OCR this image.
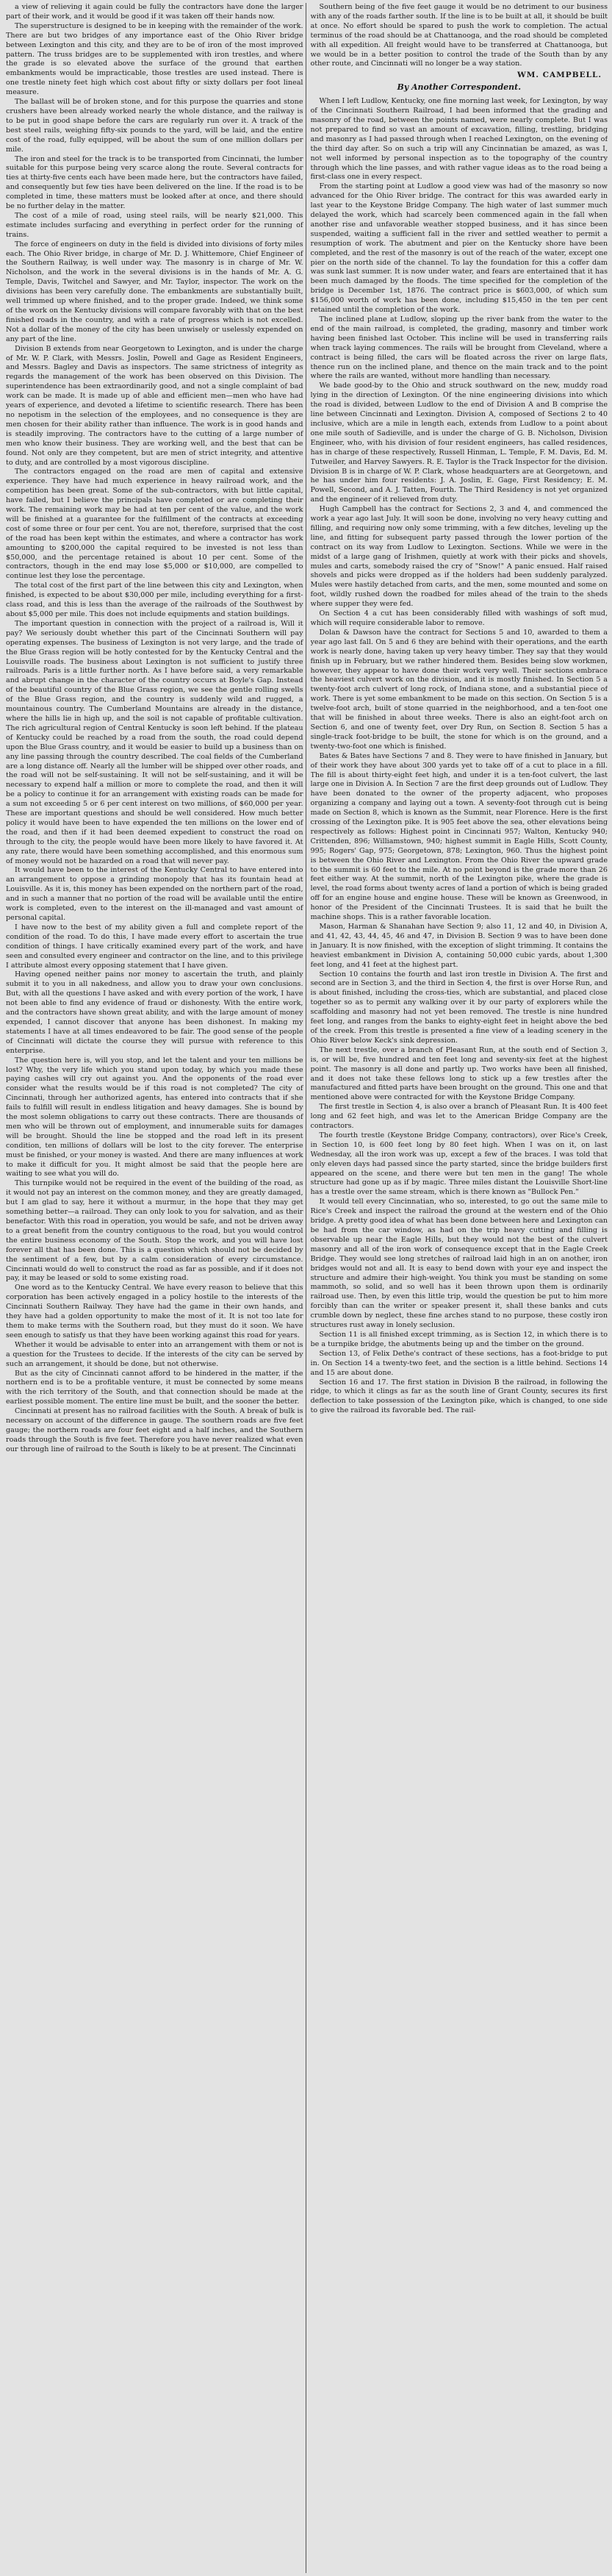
a view of relieving it again could be fully the contractors have done the larger part of their work, and it would be good if it was taken off their hands now.

The superstructure is designed to be in keeping with the remainder of the work. There are but two bridges of any importance east of the Ohio River bridge between Lexington and this city, and they are to be of iron of the most improved pattern. The truss bridges are to be supplemented with iron trestles, and where the grade is so elevated above the surface of the ground that earthen embankments would be impracticable, those trestles are used instead. There is one trestle ninety feet high which cost about fifty or sixty dollars per foot lineal measure.

The ballast will be of broken stone, and for this purpose the quarries and stone crushers have been already worked nearly the whole distance, and the railway is to be put in good shape before the cars are regularly run over it. A track of the best steel rails, weighing fifty-six pounds to the yard, will be laid, and the entire cost of the road, fully equipped, will be about the sum of one million dollars per mile.

The iron and steel for the track is to be transported from Cincinnati, the lumber suitable for this purpose being very scarce along the route. Several contracts for ties at thirty-five cents each have been made here, but the contractors have failed, and consequently but few ties have been delivered on the line. If the road is to be completed in time, these matters must be looked after at once, and there should be no further delay in the matter.

The cost of a mile of road, using steel rails, will be nearly $21,000. This estimate includes surfacing and everything in perfect order for the running of trains.

The force of engineers on duty in the field is divided into divisions of forty miles each. The Ohio River bridge, in charge of Mr. D. J. Whittemore, Chief Engineer of the Southern Railway, is well under way. The masonry is in charge of Mr. W. Nicholson, and the work in the several divisions is in the hands of Mr. A. G. Temple, Davis, Twitchel and Sawyer, and Mr. Taylor, inspector. The work on the divisions has been very carefully done. The embankments are substantially built, well trimmed up where finished, and to the proper grade. Indeed, we think some of the work on the Kentucky divisions will compare favorably with that on the best finished roads in the country, and with a rate of progress which is not excelled. Not a dollar of the money of the city has been unwisely or uselessly expended on any part of the line.

Division B extends from near Georgetown to Lexington, and is under the charge of Mr. W. P. Clark, with Messrs. Joslin, Powell and Gage as Resident Engineers, and Messrs. Bagley and Davis as inspectors. The same strictness of integrity as regards the management of the work has been observed on this Division. The superintendence has been extraordinarily good, and not a single complaint of bad work can be made. It is made up of able and efficient men—men who have had years of experience, and devoted a lifetime to scientific research. There has been no nepotism in the selection of the employees, and no consequence is they are men chosen for their ability rather than influence. The work is in good hands and is steadily improving. The contractors have to the cutting of a large number of men who know their business. They are working well, and the best that can be found. Not only are they competent, but are men of strict integrity, and attentive to duty, and are controlled by a most vigorous discipline.

The contractors engaged on the road are men of capital and extensive experience. They have had much experience in heavy railroad work, and the competition has been great. Some of the sub-contractors, with but little capital, have failed, but I believe the principals have completed or are completing their work. The remaining work may be had at ten per cent of the value, and the work will be finished at a guarantee for the fulfillment of the contracts at exceeding cost of some three or four per cent. You are not, therefore, surprised that the cost of the road has been kept within the estimates, and where a contractor has work amounting to $200,000 the capital required to be invested is not less than $50,000, and the percentage retained is about 10 per cent. Some of the contractors, though in the end may lose $5,000 or $10,000, are compelled to continue lest they lose the percentage.

The total cost of the first part of the line between this city and Lexington, when finished, is expected to be about $30,000 per mile, including everything for a first-class road, and this is less than the average of the railroads of the Southwest by about $5,000 per mile. This does not include equipments and station buildings.

The important question in connection with the project of a railroad is, Will it pay? We seriously doubt whether this part of the Cincinnati Southern will pay operating expenses. The business of Lexington is not very large, and the trade of the Blue Grass region will be hotly contested for by the Kentucky Central and the Louisville roads. The business about Lexington is not sufficient to justify three railroads. Paris is a little further north. As I have before said, a very remarkable and abrupt change in the character of the country occurs at Boyle's Gap. Instead of the beautiful country of the Blue Grass region, we see the gentle rolling swells of the Blue Grass region, and the country is suddenly wild and rugged, a mountainous country. The Cumberland Mountains are already in the distance, where the hills lie in high up, and the soil is not capable of profitable cultivation. The rich agricultural region of Central Kentucky is soon left behind. If the plateau of Kentucky could be reached by a road from the south, the road could depend upon the Blue Grass country, and it would be easier to build up a business than on any line passing through the country described. The coal fields of the Cumberland are a long distance off. Nearly all the lumber will be shipped over other roads, and the road will not be self-sustaining. It will not be self-sustaining, and it will be necessary to expend half a million or more to complete the road, and then it will be a policy to continue it for an arrangement with existing roads can be made for a sum not exceeding 5 or 6 per cent interest on two millions, of $60,000 per year. These are important questions and should be well considered. How much better policy it would have been to have expended the ten millions on the lower end of the road, and then if it had been deemed expedient to construct the road on through to the city, the people would have been more likely to have favored it. At any rate, there would have been something accomplished, and this enormous sum of money would not be hazarded on a road that will never pay.

It would have been to the interest of the Kentucky Central to have entered into an arrangement to oppose a grinding monopoly that has its fountain head at Louisville. As it is, this money has been expended on the northern part of the road, and in such a manner that no portion of the road will be available until the entire work is completed, even to the interest on the ill-managed and vast amount of personal capital.

I have now to the best of my ability given a full and complete report of the condition of the road. To do this, I have made every effort to ascertain the true condition of things. I have critically examined every part of the work, and have seen and consulted every engineer and contractor on the line, and to this privilege I attribute almost every opposing statement that I have given.

Having opened neither pains nor money to ascertain the truth, and plainly submit it to you in all nakedness, and allow you to draw your own conclusions. But, with all the questions I have asked and with every portion of the work, I have not been able to find any evidence of fraud or dishonesty. With the entire work, and the contractors have shown great ability, and with the large amount of money expended, I cannot discover that anyone has been dishonest. In making my statements I have at all times endeavored to be fair. The good sense of the people of Cincinnati will dictate the course they will pursue with reference to this enterprise.

The question here is, will you stop, and let the talent and your ten millions be lost? Why, the very life which you stand upon today, by which you made these paying cashes will cry out against you. And the opponents of the road ever consider what the results would be if this road is not completed? The city of Cincinnati, through her authorized agents, has entered into contracts that if she fails to fulfill will result in endless litigation and heavy damages. She is bound by the most solemn obligations to carry out these contracts. There are thousands of men who will be thrown out of employment, and innumerable suits for damages will be brought. Should the line be stopped and the road left in its present condition, ten millions of dollars will be lost to the city forever. The enterprise must be finished, or your money is wasted. And there are many influences at work to make it difficult for you. It might almost be said that the people here are waiting to see what you will do.

This turnpike would not be required in the event of the building of the road, as it would not pay an interest on the common money, and they are greatly damaged, but I am glad to say, here it without a murmur, in the hope that they may get something better—a railroad. They can only look to you for salvation, and as their benefactor. With this road in operation, you would be safe, and not be driven away to a great benefit from the country contiguous to the road, but you would control the entire business economy of the South. Stop the work, and you will have lost forever all that has been done. This is a question which should not be decided by the sentiment of a few, but by a calm consideration of every circumstance. Cincinnati would do well to construct the road as far as possible, and if it does not pay, it may be leased or sold to some existing road.

One word as to the Kentucky Central. We have every reason to believe that this corporation has been actively engaged in a policy hostile to the interests of the Cincinnati Southern Railway. They have had the game in their own hands, and they have had a golden opportunity to make the most of it. It is not too late for them to make terms with the Southern road, but they must do it soon. We have seen enough to satisfy us that they have been working against this road for years.

Whether it would be advisable to enter into an arrangement with them or not is a question for the Trustees to decide. If the interests of the city can be served by such an arrangement, it should be done, but not otherwise.

But as the city of Cincinnati cannot afford to be hindered in the matter, if the northern end is to be a profitable venture, it must be connected by some means with the rich territory of the South, and that connection should be made at the earliest possible moment. The entire line must be built, and the sooner the better.

Cincinnati at present has no railroad facilities with the South. A break of bulk is necessary on account of the difference in gauge. The southern roads are five feet gauge; the northern roads are four feet eight and a half inches, and the Southern roads through the South is five feet. Therefore you have never realized what even our through line of railroad to the South is likely to be at present. The Cincinnati

Southern being of the five feet gauge it would be no detriment to our business with any of the roads farther south. If the line is to be built at all, it should be built at once. No effort should be spared to push the work to completion. The actual terminus of the road should be at Chattanooga, and the road should be completed with all expedition. All freight would have to be transferred at Chattanooga, but we would be in a better position to control the trade of the South than by any other route, and Cincinnati will no longer be a way station.

WM. CAMPBELL.
By Another Correspondent.

When I left Ludlow, Kentucky, one fine morning last week, for Lexington, by way of the Cincinnati Southern Railroad, I had been informed that the grading and masonry of the road, between the points named, were nearly complete. But I was not prepared to find so vast an amount of excavation, filling, trestling, bridging and masonry as I had passed through when I reached Lexington, on the evening of the third day after. So on such a trip will any Cincinnatian be amazed, as was I, not well informed by personal inspection as to the topography of the country through which the line passes, and with rather vague ideas as to the road being a first-class one in every respect.

From the starting point at Ludlow a good view was had of the masonry so now advanced for the Ohio River bridge. The contract for this was awarded early in last year to the Keystone Bridge Company. The high water of last summer much delayed the work, which had scarcely been commenced again in the fall when another rise and unfavorable weather stopped business, and it has since been suspended, waiting a sufficient fall in the river and settled weather to permit a resumption of work. The abutment and pier on the Kentucky shore have been completed, and the rest of the masonry is out of the reach of the water, except one pier on the north side of the channel. To lay the foundation for this a coffer dam was sunk last summer. It is now under water, and fears are entertained that it has been much damaged by the floods. The time specified for the completion of the bridge is December 1st, 1876. The contract price is $603,000, of which sum $156,000 worth of work has been done, including $15,450 in the ten per cent retained until the completion of the work.

The inclined plane at Ludlow, sloping up the river bank from the water to the end of the main railroad, is completed, the grading, masonry and timber work having been finished last October. This incline will be used in transferring rails when track laying commences. The rails will be brought from Cleveland, where a contract is being filled, the cars will be floated across the river on large flats, thence run on the inclined plane, and thence on the main track and to the point where the rails are wanted, without more handling than necessary.

We bade good-by to the Ohio and struck southward on the new, muddy road lying in the direction of Lexington. Of the nine engineering divisions into which the road is divided, between Ludlow to the end of Division A and B comprise the line between Cincinnati and Lexington. Division A, composed of Sections 2 to 40 inclusive, which are a mile in length each, extends from Ludlow to a point about one mile south of Sadieville, and is under the charge of G. B. Nicholson, Division Engineer, who, with his division of four resident engineers, has called residences, has in charge of these respectively, Russell Hinman, L. Temple, F. M. Davis, Ed. M. Tutweiler, and Harvey Sawyers. R. E. Taylor is the Track Inspector for the division. Division B is in charge of W. P. Clark, whose headquarters are at Georgetown, and he has under him four residents: J. A. Joslin, E. Gage, First Residency; E. M. Powell, Second, and A. J. Tatten, Fourth. The Third Residency is not yet organized and the engineer of it relieved from duty.

Hugh Campbell has the contract for Sections 2, 3 and 4, and commenced the work a year ago last July. It will soon be done, involving no very heavy cutting and filling, and requiring now only some trimming, with a few ditches, leveling up the line, and fitting for subsequent party passed through the lower portion of the contract on its way from Ludlow to Lexington. Sections. While we were in the midst of a large gang of Irishmen, quietly at work with their picks and shovels, mules and carts, somebody raised the cry of "Snow!" A panic ensued. Half raised shovels and picks were dropped as if the holders had been suddenly paralyzed. Mules were hastily detached from carts, and the men, some mounted and some on foot, wildly rushed down the roadbed for miles ahead of the train to the sheds where supper they were fed.

On Section 4 a cut has been considerably filled with washings of soft mud, which will require considerable labor to remove.

Dolan & Dawson have the contract for Sections 5 and 10, awarded to them a year ago last fall. On 5 and 6 they are behind with their operations, and the earth work is nearly done, having taken up very heavy timber. They say that they would finish up in February, but we rather hindered them. Besides being slow workmen, however, they appear to have done their work very well. Their sections embrace the heaviest culvert work on the division, and it is mostly finished. In Section 5 a twenty-foot arch culvert of long rock, of Indiana stone, and a substantial piece of work. There is yet some embankment to be made on this section. On Section 5 is a twelve-foot arch, built of stone quarried in the neighborhood, and a ten-foot one that will be finished in about three weeks. There is also an eight-foot arch on Section 6, and one of twenty feet, over Dry Run, on Section 8. Section 5 has a single-track foot-bridge to be built, the stone for which is on the ground, and a twenty-two-foot one which is finished.

Bates & Bates have Sections 7 and 8. They were to have finished in January, but of their work they have about 300 yards yet to take off of a cut to place in a fill. The fill is about thirty-eight feet high, and under it is a ten-foot culvert, the last large one in Division A. In Section 7 are the first deep grounds out of Ludlow. They have been donated to the owner of the property adjacent, who proposes organizing a company and laying out a town. A seventy-foot through cut is being made on Section 8, which is known as the Summit, near Florence. Here is the first crossing of the Lexington pike. It is 905 feet above the sea, other elevations being respectively as follows: Highest point in Cincinnati 957; Walton, Kentucky 940; Crittenden, 896; Williamstown, 940; highest summit in Eagle Hills, Scott County, 995; Rogers' Gap, 975; Georgetown, 878; Lexington, 960. Thus the highest point is between the Ohio River and Lexington. From the Ohio River the upward grade to the summit is 60 feet to the mile. At no point beyond is the grade more than 26 feet either way. At the summit, north of the Lexington pike, where the grade is level, the road forms about twenty acres of land a portion of which is being graded off for an engine house and engine house. These will be known as Greenwood, in honor of the President of the Cincinnati Trustees. It is said that he built the machine shops. This is a rather favorable location.

Mason, Harman & Shanahan have Section 9; also 11, 12 and 40, in Division A, and 41, 42, 43, 44, 45, 46 and 47, in Division B. Section 9 was to have been done in January. It is now finished, with the exception of slight trimming. It contains the heaviest embankment in Division A, containing 50,000 cubic yards, about 1,300 feet long, and 41 feet at the highest part.

Section 10 contains the fourth and last iron trestle in Division A. The first and second are in Section 3, and the third in Section 4, the first is over Horse Run, and is about finished, including the cross-ties, which are substantial, and placed close together so as to permit any walking over it by our party of explorers while the scaffolding and masonry had not yet been removed. The trestle is nine hundred feet long, and ranges from the banks to eighty-eight feet in height above the bed of the creek. From this trestle is presented a fine view of a leading scenery in the Ohio River below Keck's sink depression.

The next trestle, over a branch of Pleasant Run, at the south end of Section 3, is, or will be, five hundred and ten feet long and seventy-six feet at the highest point. The masonry is all done and partly up. Two works have been all finished, and it does not take these fellows long to stick up a few trestles after the manufactured and fitted parts have been brought on the ground. This one and that mentioned above were contracted for with the Keystone Bridge Company.

The first trestle in Section 4, is also over a branch of Pleasant Run. It is 400 feet long and 62 feet high, and was let to the American Bridge Company are the contractors.

The fourth trestle (Keystone Bridge Company, contractors), over Rice's Creek, in Section 10, is 600 feet long by 80 feet high. When I was on it, on last Wednesday, all the iron work was up, except a few of the braces. I was told that only eleven days had passed since the party started, since the bridge builders first appeared on the scene, and there were but ten men in the gang! The whole structure had gone up as if by magic. Three miles distant the Louisville Short-line has a trestle over the same stream, which is there known as "Bullock Pen."

It would tell every Cincinnatian, who so, interested, to go out the same mile to Rice's Creek and inspect the railroad the ground at the western end of the Ohio bridge. A pretty good idea of what has been done between here and Lexington can be had from the car window, as had on the trip heavy cutting and filling is observable up near the Eagle Hills, but they would not the best of the culvert masonry and all of the iron work of consequence except that in the Eagle Creek Bridge. They would see long stretches of railroad laid high in an on another, iron bridges would not and all. It is easy to bend down with your eye and inspect the structure and admire their high-weight. You think you must be standing on some mammoth, so solid, and so well has it been thrown upon them is ordinarily railroad use. Then, by even this little trip, would the question be put to him more forcibly than can the writer or speaker present it, shall these banks and cuts crumble down by neglect, these fine arches stand to no purpose, these costly iron structures rust away in lonely seclusion.

Section 11 is all finished except trimming, as is Section 12, in which there is to be a turnpike bridge, the abutments being up and the timber on the ground.

Section 13, of Felix Dethe's contract of these sections, has a foot-bridge to put in. On Section 14 a twenty-two feet, and the section is a little behind. Sections 14 and 15 are about done.

Section 16 and 17. The first station in Division B the railroad, in following the ridge, to which it clings as far as the south line of Grant County, secures its first deflection to take possession of the Lexington pike, which is changed, to one side to give the railroad its favorable bed. The rail-
